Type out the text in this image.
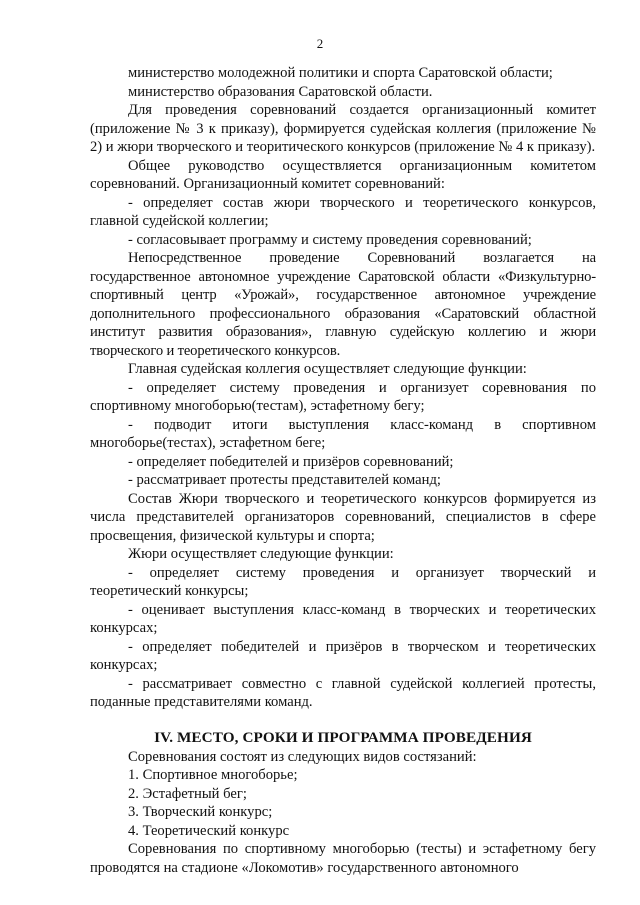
2

министерство молодежной политики и спорта Саратовской области;

министерство образования Саратовской области.

Для проведения соревнований создается организационный комитет (приложение № 3 к приказу), формируется судейская коллегия (приложение № 2) и жюри творческого и теоритического конкурсов (приложение № 4 к приказу).

Общее руководство осуществляется организационным комитетом соревнований. Организационный комитет соревнований:

- определяет состав жюри творческого и теоретического конкурсов, главной судейской коллегии;

- согласовывает программу и систему проведения соревнований;

Непосредственное проведение Соревнований возлагается на государственное автономное учреждение Саратовской области «Физкультурно-спортивный центр «Урожай», государственное автономное учреждение дополнительного профессионального образования «Саратовский областной институт развития образования», главную судейскую коллегию и жюри творческого и теоретического конкурсов.

Главная судейская коллегия осуществляет следующие функции:

- определяет систему проведения и организует соревнования по спортивному многоборью(тестам), эстафетному бегу;

- подводит итоги выступления класс-команд в спортивном многоборье(тестах), эстафетном беге;

- определяет победителей и призёров соревнований;

- рассматривает протесты представителей команд;

Состав Жюри творческого и теоретического конкурсов формируется из числа представителей организаторов соревнований, специалистов в сфере просвещения, физической культуры и спорта;

Жюри осуществляет следующие функции:

- определяет систему проведения и организует творческий и теоретический конкурсы;

- оценивает выступления класс-команд в творческих и теоретических конкурсах;

- определяет победителей и призёров в творческом и теоретических конкурсах;

- рассматривает совместно с главной судейской коллегией протесты, поданные представителями команд.

IV. МЕСТО, СРОКИ И ПРОГРАММА ПРОВЕДЕНИЯ

Соревнования состоят из следующих видов состязаний:

1. Спортивное многоборье;

2. Эстафетный бег;

3. Творческий конкурс;

4. Теоретический конкурс

Соревнования по спортивному многоборью (тесты) и эстафетному бегу проводятся на стадионе «Локомотив» государственного автономного
